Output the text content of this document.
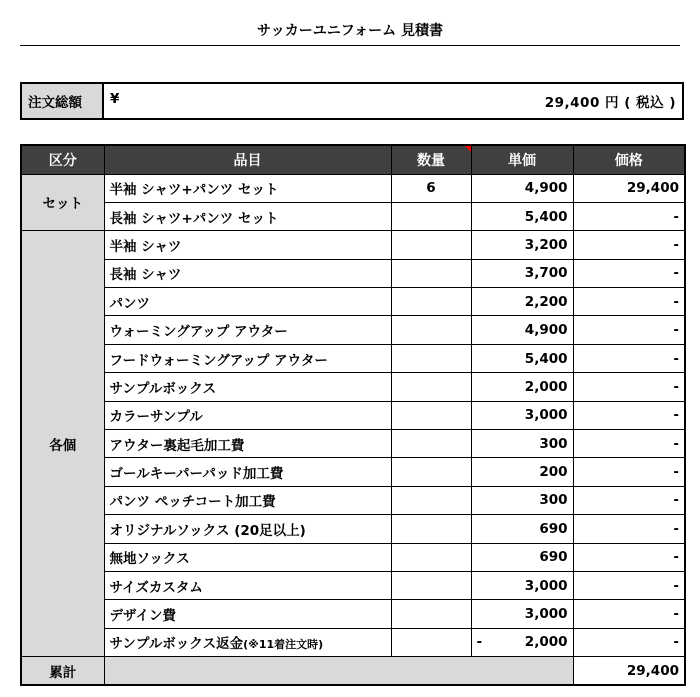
サッカーユニフォーム 見積書
注文総額	¥	29,400 円 ( 税込 )
区分	品目	数量	単価	価格
セット	半袖 シャツ+パンツ セット	6	4,900	29,400
	長袖 シャツ+パンツ セット		5,400	-
各個	半袖 シャツ		3,200	-
	長袖 シャツ		3,700	-
	パンツ		2,200	-
	ウォーミングアップ アウター		4,900	-
	フードウォーミングアップ アウター		5,400	-
	サンプルボックス		2,000	-
	カラーサンプル		3,000	-
	アウター裏起毛加工費		300	-
	ゴールキーパーパッド加工費		200	-
	パンツ ペッチコート加工費		300	-
	オリジナルソックス (20足以上)		690	-
	無地ソックス		690	-
	サイズカスタム		3,000	-
	デザイン費		3,000	-
	サンプルボックス返金(※11着注文時)		- 2,000	-
累計				29,400
